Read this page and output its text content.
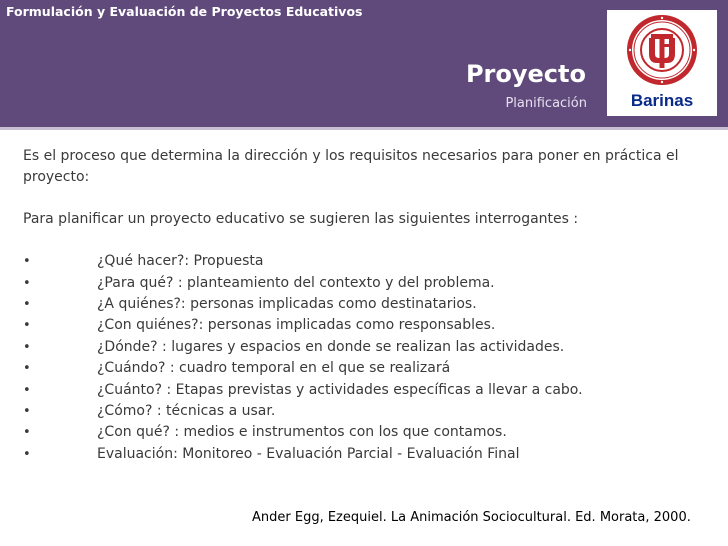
Formulación y Evaluación de Proyectos Educativos
Proyecto
Planificación	Barinas

Es el proceso que determina la dirección y los requisitos necesarios para poner en práctica el proyecto:

Para planificar un proyecto educativo se sugieren las siguientes interrogantes :

•	¿Qué hacer?: Propuesta
•	¿Para qué? : planteamiento del contexto y del problema.
•	¿A quiénes?: personas implicadas como destinatarios.
•	¿Con quiénes?: personas implicadas como responsables.
•	¿Dónde? : lugares y espacios en donde se realizan las actividades.
•	¿Cuándo? : cuadro temporal en el que se realizará
•	¿Cuánto? : Etapas previstas y actividades específicas a llevar a cabo.
•	¿Cómo? : técnicas a usar.
•	¿Con qué? : medios e instrumentos con los que contamos.
•	Evaluación: Monitoreo - Evaluación Parcial - Evaluación Final
Ander Egg, Ezequiel. La Animación Sociocultural. Ed. Morata, 2000.
